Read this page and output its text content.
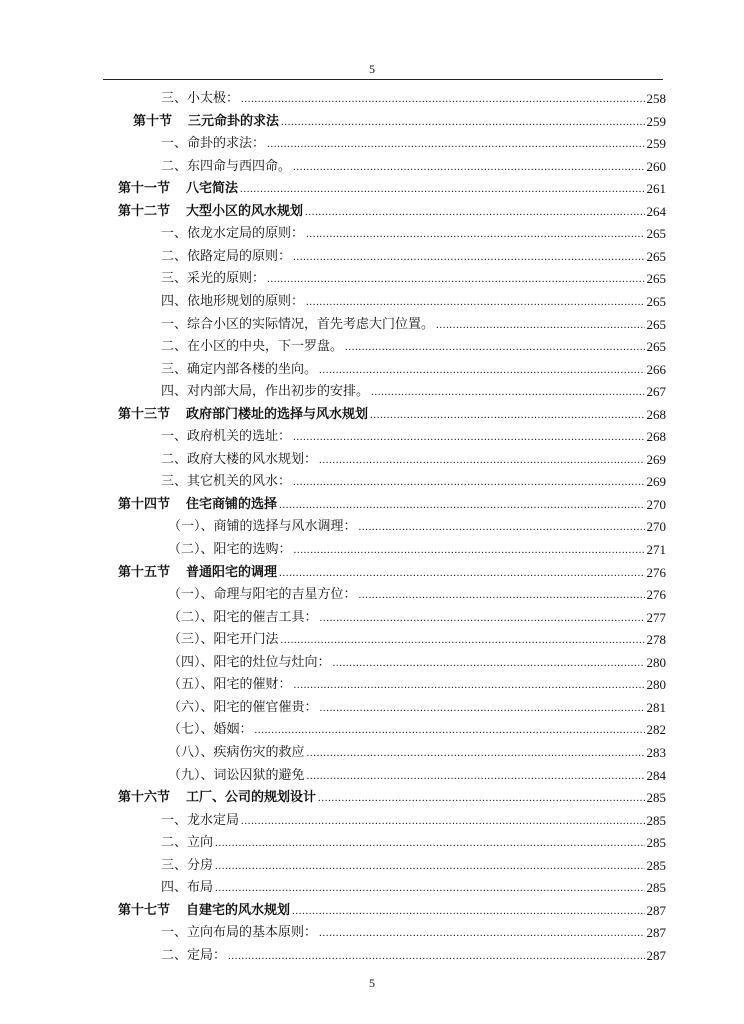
5
三、小太极： .....	258
第十节 三元命卦的求法 .....	259
一、命卦的求法： .....	259
二、东四命与西四命。 .....	260
第十一节 八宅简法 .....	261
第十二节 大型小区的风水规划 .....	264
一、依龙水定局的原则： .....	265
二、依路定局的原则： .....	265
三、采光的原则： .....	265
四、依地形规划的原则： .....	265
一、综合小区的实际情况，首先考虑大门位置。 .....	265
二、在小区的中央，下一罗盘。 .....	265
三、确定内部各楼的坐向。 .....	266
四、对内部大局，作出初步的安排。 .....	267
第十三节 政府部门楼址的选择与风水规划 .....	268
一、政府机关的选址： .....	268
二、政府大楼的风水规划： .....	269
三、其它机关的风水： .....	269
第十四节 住宅商铺的选择 .....	270
（一）、商铺的选择与风水调理： .....	270
（二）、阳宅的选购： .....	271
第十五节 普通阳宅的调理 .....	276
（一）、命理与阳宅的吉星方位： .....	276
（二）、阳宅的催吉工具： .....	277
（三）、阳宅开门法 .....	278
（四）、阳宅的灶位与灶向： .....	280
（五）、阳宅的催财： .....	280
（六）、阳宅的催官催贵： .....	281
（七）、婚姻： .....	282
（八）、疾病伤灾的救应 .....	283
（九）、词讼囚狱的避免 .....	284
第十六节 工厂、公司的规划设计 .....	285
一、龙水定局 .....	285
二、立向 .....	285
三、分房 .....	285
四、布局 .....	285
第十七节 自建宅的风水规划 .....	287
一、立向布局的基本原则： .....	287
二、定局： .....	287
5
